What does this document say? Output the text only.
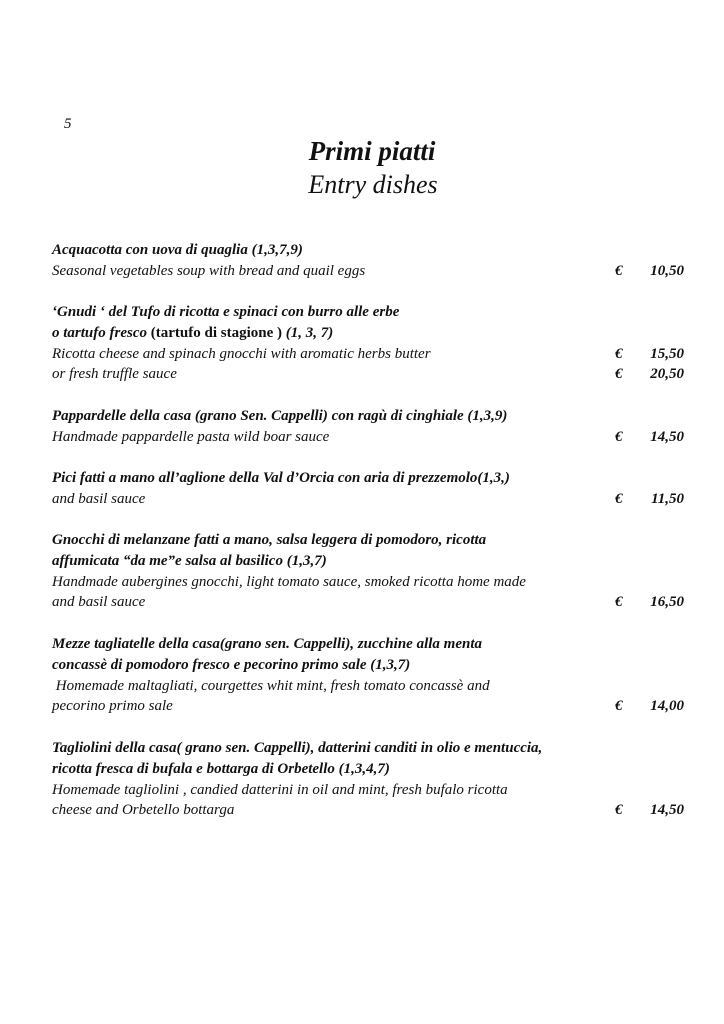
5
Primi piatti
Entry dishes
Acquacotta con uova di quaglia (1,3,7,9)
Seasonal vegetables soup with bread and quail eggs	€ 10,50
‘Gnudi ‘ del Tufo di ricotta e spinaci con burro alle erbe
o tartufo fresco (tartufo di stagione ) (1, 3, 7)
Ricotta cheese and spinach gnocchi with aromatic herbs butter	€ 15,50
or fresh truffle sauce	€ 20,50
Pappardelle della casa (grano Sen. Cappelli) con ragù di cinghiale (1,3,9)
Handmade pappardelle pasta wild boar sauce	€ 14,50
Pici fatti a mano all’aglione della Val d’Orcia con aria di prezzemolo(1,3,)
and basil sauce	€ 11,50
Gnocchi di melanzane fatti a mano, salsa leggera di pomodoro, ricotta
affumicata “da me”e salsa al basilico (1,3,7)
Handmade aubergines gnocchi, light tomato sauce, smoked ricotta home made
and basil sauce	€ 16,50
Mezze tagliatelle della casa(grano sen. Cappelli), zucchine alla menta
concassè di pomodoro fresco e pecorino primo sale (1,3,7)
Homemade maltagliati, courgettes whit mint, fresh tomato concassè and
pecorino primo sale	€ 14,00
Tagliolini della casa( grano sen. Cappelli), datterini canditi in olio e mentuccia,
ricotta fresca di bufala e bottarga di Orbetello (1,3,4,7)
Homemade tagliolini , candied datterini in oil and mint, fresh bufalo ricotta
cheese and Orbetello bottarga	€ 14,50
